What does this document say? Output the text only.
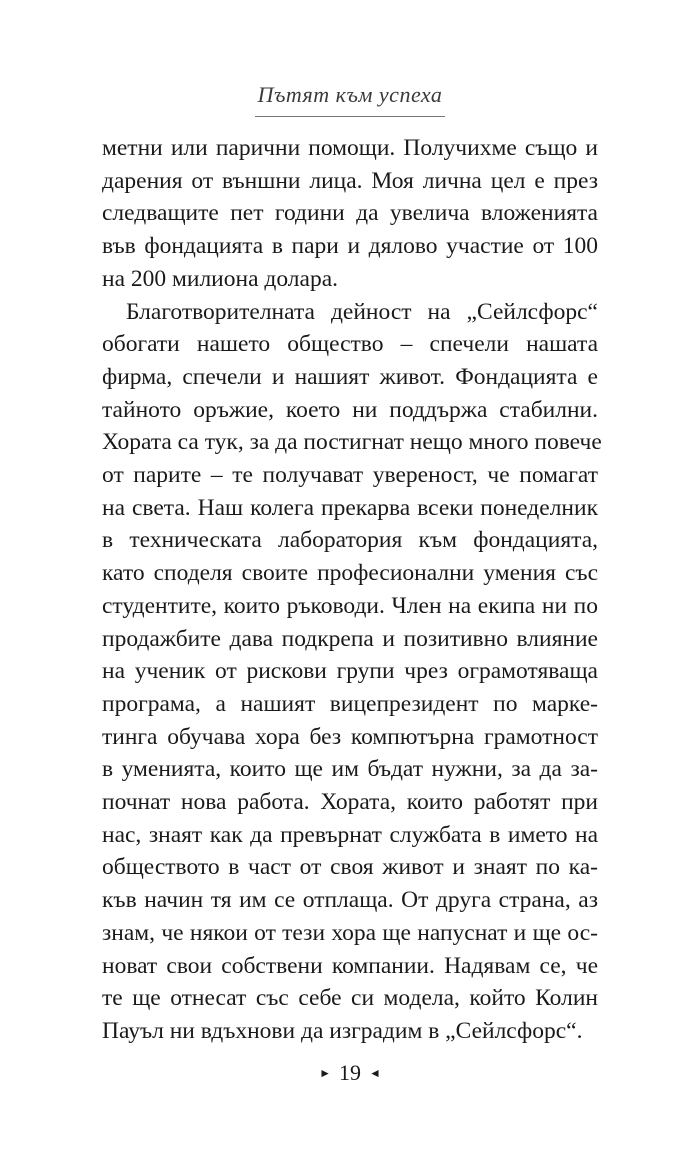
Пътят към успеха
метни или парични помощи. Получихме също и
дарения от външни лица. Моя лична цел е през
следващите пет години да увелича вложенията
във фондацията в пари и дялово участие от 100
на 200 милиона долара.
Благотворителната дейност на „Сейлсфорс“
обогати нашето общество – спечели нашата
фирма, спечели и нашият живот. Фондацията е
тайното оръжие, което ни поддържа стабилни.
Хората са тук, за да постигнат нещо много повече
от парите – те получават увереност, че помагат
на света. Наш колега прекарва всеки понеделник
в техническата лаборатория към фондацията,
като споделя своите професионални умения със
студентите, които ръководи. Член на екипа ни по
продажбите дава подкрепа и позитивно влияние
на ученик от рискови групи чрез ограмотяваща
програма, а нашият вицепрезидент по марке-
тинга обучава хора без компютърна грамотност
в уменията, които ще им бъдат нужни, за да за-
почнат нова работа. Хората, които работят при
нас, знаят как да превърнат службата в името на
обществото в част от своя живот и знаят по ка-
къв начин тя им се отплаща. От друга страна, аз
знам, че някои от тези хора ще напуснат и ще ос-
новат свои собствени компании. Надявам се, че
те ще отнесат със себе си модела, който Колин
Пауъл ни вдъхнови да изградим в „Сейлсфорс“.
► 19 ◄
